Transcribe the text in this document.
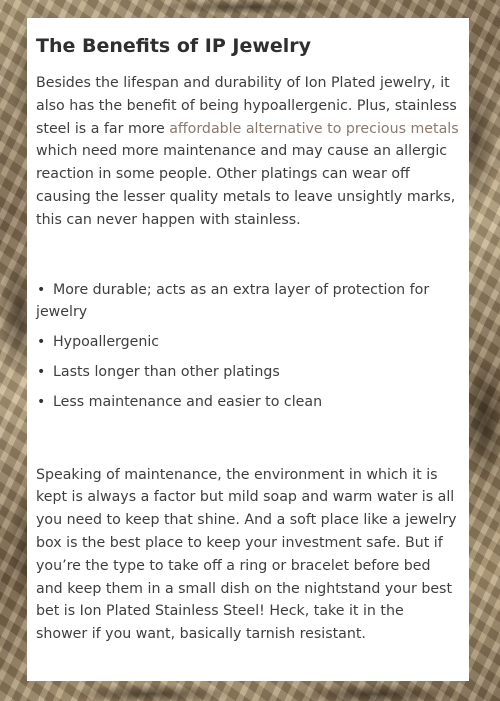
The Benefits of IP Jewelry

Besides the lifespan and durability of Ion Plated jewelry, it also has the benefit of being hypoallergenic. Plus, stainless steel is a far more affordable alternative to precious metals which need more maintenance and may cause an allergic reaction in some people. Other platings can wear off causing the lesser quality metals to leave unsightly marks, this can never happen with stainless.

• More durable; acts as an extra layer of protection for jewelry
• Hypoallergenic
• Lasts longer than other platings
• Less maintenance and easier to clean

Speaking of maintenance, the environment in which it is kept is always a factor but mild soap and warm water is all you need to keep that shine. And a soft place like a jewelry box is the best place to keep your investment safe. But if you’re the type to take off a ring or bracelet before bed and keep them in a small dish on the nightstand your best bet is Ion Plated Stainless Steel! Heck, take it in the shower if you want, basically tarnish resistant.
